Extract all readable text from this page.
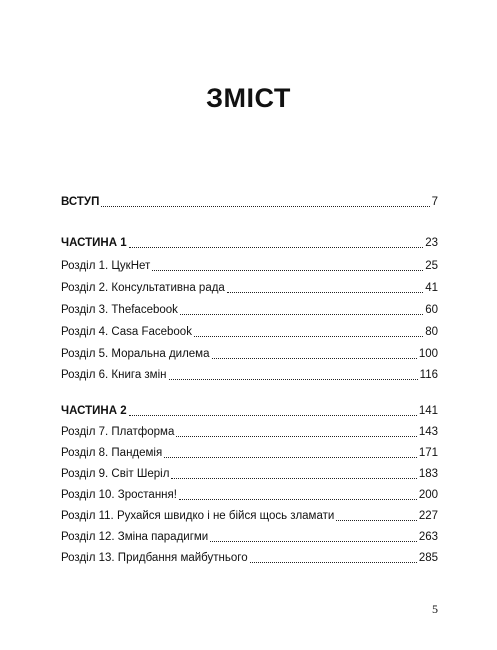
ЗМІСТ
ВСТУП	7
ЧАСТИНА 1	23
Розділ 1. ЦукНет	25
Розділ 2. Консультативна рада	41
Розділ 3. Thefacebook	60
Розділ 4. Casa Facebook	80
Розділ 5. Моральна дилема	100
Розділ 6. Книга змін	116
ЧАСТИНА 2	141
Розділ 7. Платформа	143
Розділ 8. Пандемія	171
Розділ 9. Світ Шеріл	183
Розділ 10. Зростання!	200
Розділ 11. Рухайся швидко і не бійся щось зламати	227
Розділ 12. Зміна парадигми	263
Розділ 13. Придбання майбутнього	285
5
